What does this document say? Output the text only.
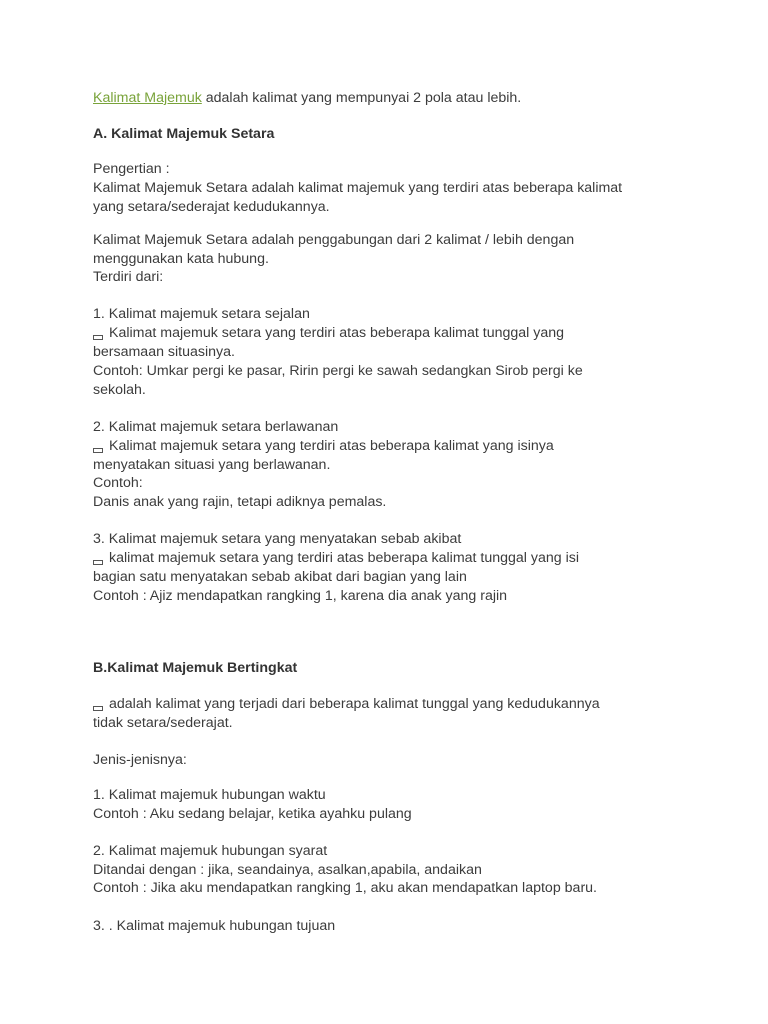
Kalimat Majemuk adalah kalimat yang mempunyai 2 pola atau lebih.
A. Kalimat Majemuk Setara
Pengertian :
Kalimat Majemuk Setara adalah kalimat majemuk yang terdiri atas beberapa kalimat
yang setara/sederajat kedudukannya.
Kalimat Majemuk Setara adalah penggabungan dari 2 kalimat / lebih dengan
menggunakan kata hubung.
Terdiri dari:
1. Kalimat majemuk setara sejalan
Kalimat majemuk setara yang terdiri atas beberapa kalimat tunggal yang
bersamaan situasinya.
Contoh: Umkar pergi ke pasar, Ririn pergi ke sawah sedangkan Sirob pergi ke
sekolah.
2. Kalimat majemuk setara berlawanan
Kalimat majemuk setara yang terdiri atas beberapa kalimat yang isinya
menyatakan situasi yang berlawanan.
Contoh:
Danis anak yang rajin, tetapi adiknya pemalas.
3. Kalimat majemuk setara yang menyatakan sebab akibat
kalimat majemuk setara yang terdiri atas beberapa kalimat tunggal yang isi
bagian satu menyatakan sebab akibat dari bagian yang lain
Contoh : Ajiz mendapatkan rangking 1, karena dia anak yang rajin
B.Kalimat Majemuk Bertingkat
adalah kalimat yang terjadi dari beberapa kalimat tunggal yang kedudukannya
tidak setara/sederajat.
Jenis-jenisnya:
1. Kalimat majemuk hubungan waktu
Contoh : Aku sedang belajar, ketika ayahku pulang
2. Kalimat majemuk hubungan syarat
Ditandai dengan : jika, seandainya, asalkan,apabila, andaikan
Contoh : Jika aku mendapatkan rangking 1, aku akan mendapatkan laptop baru.
3. . Kalimat majemuk hubungan tujuan
